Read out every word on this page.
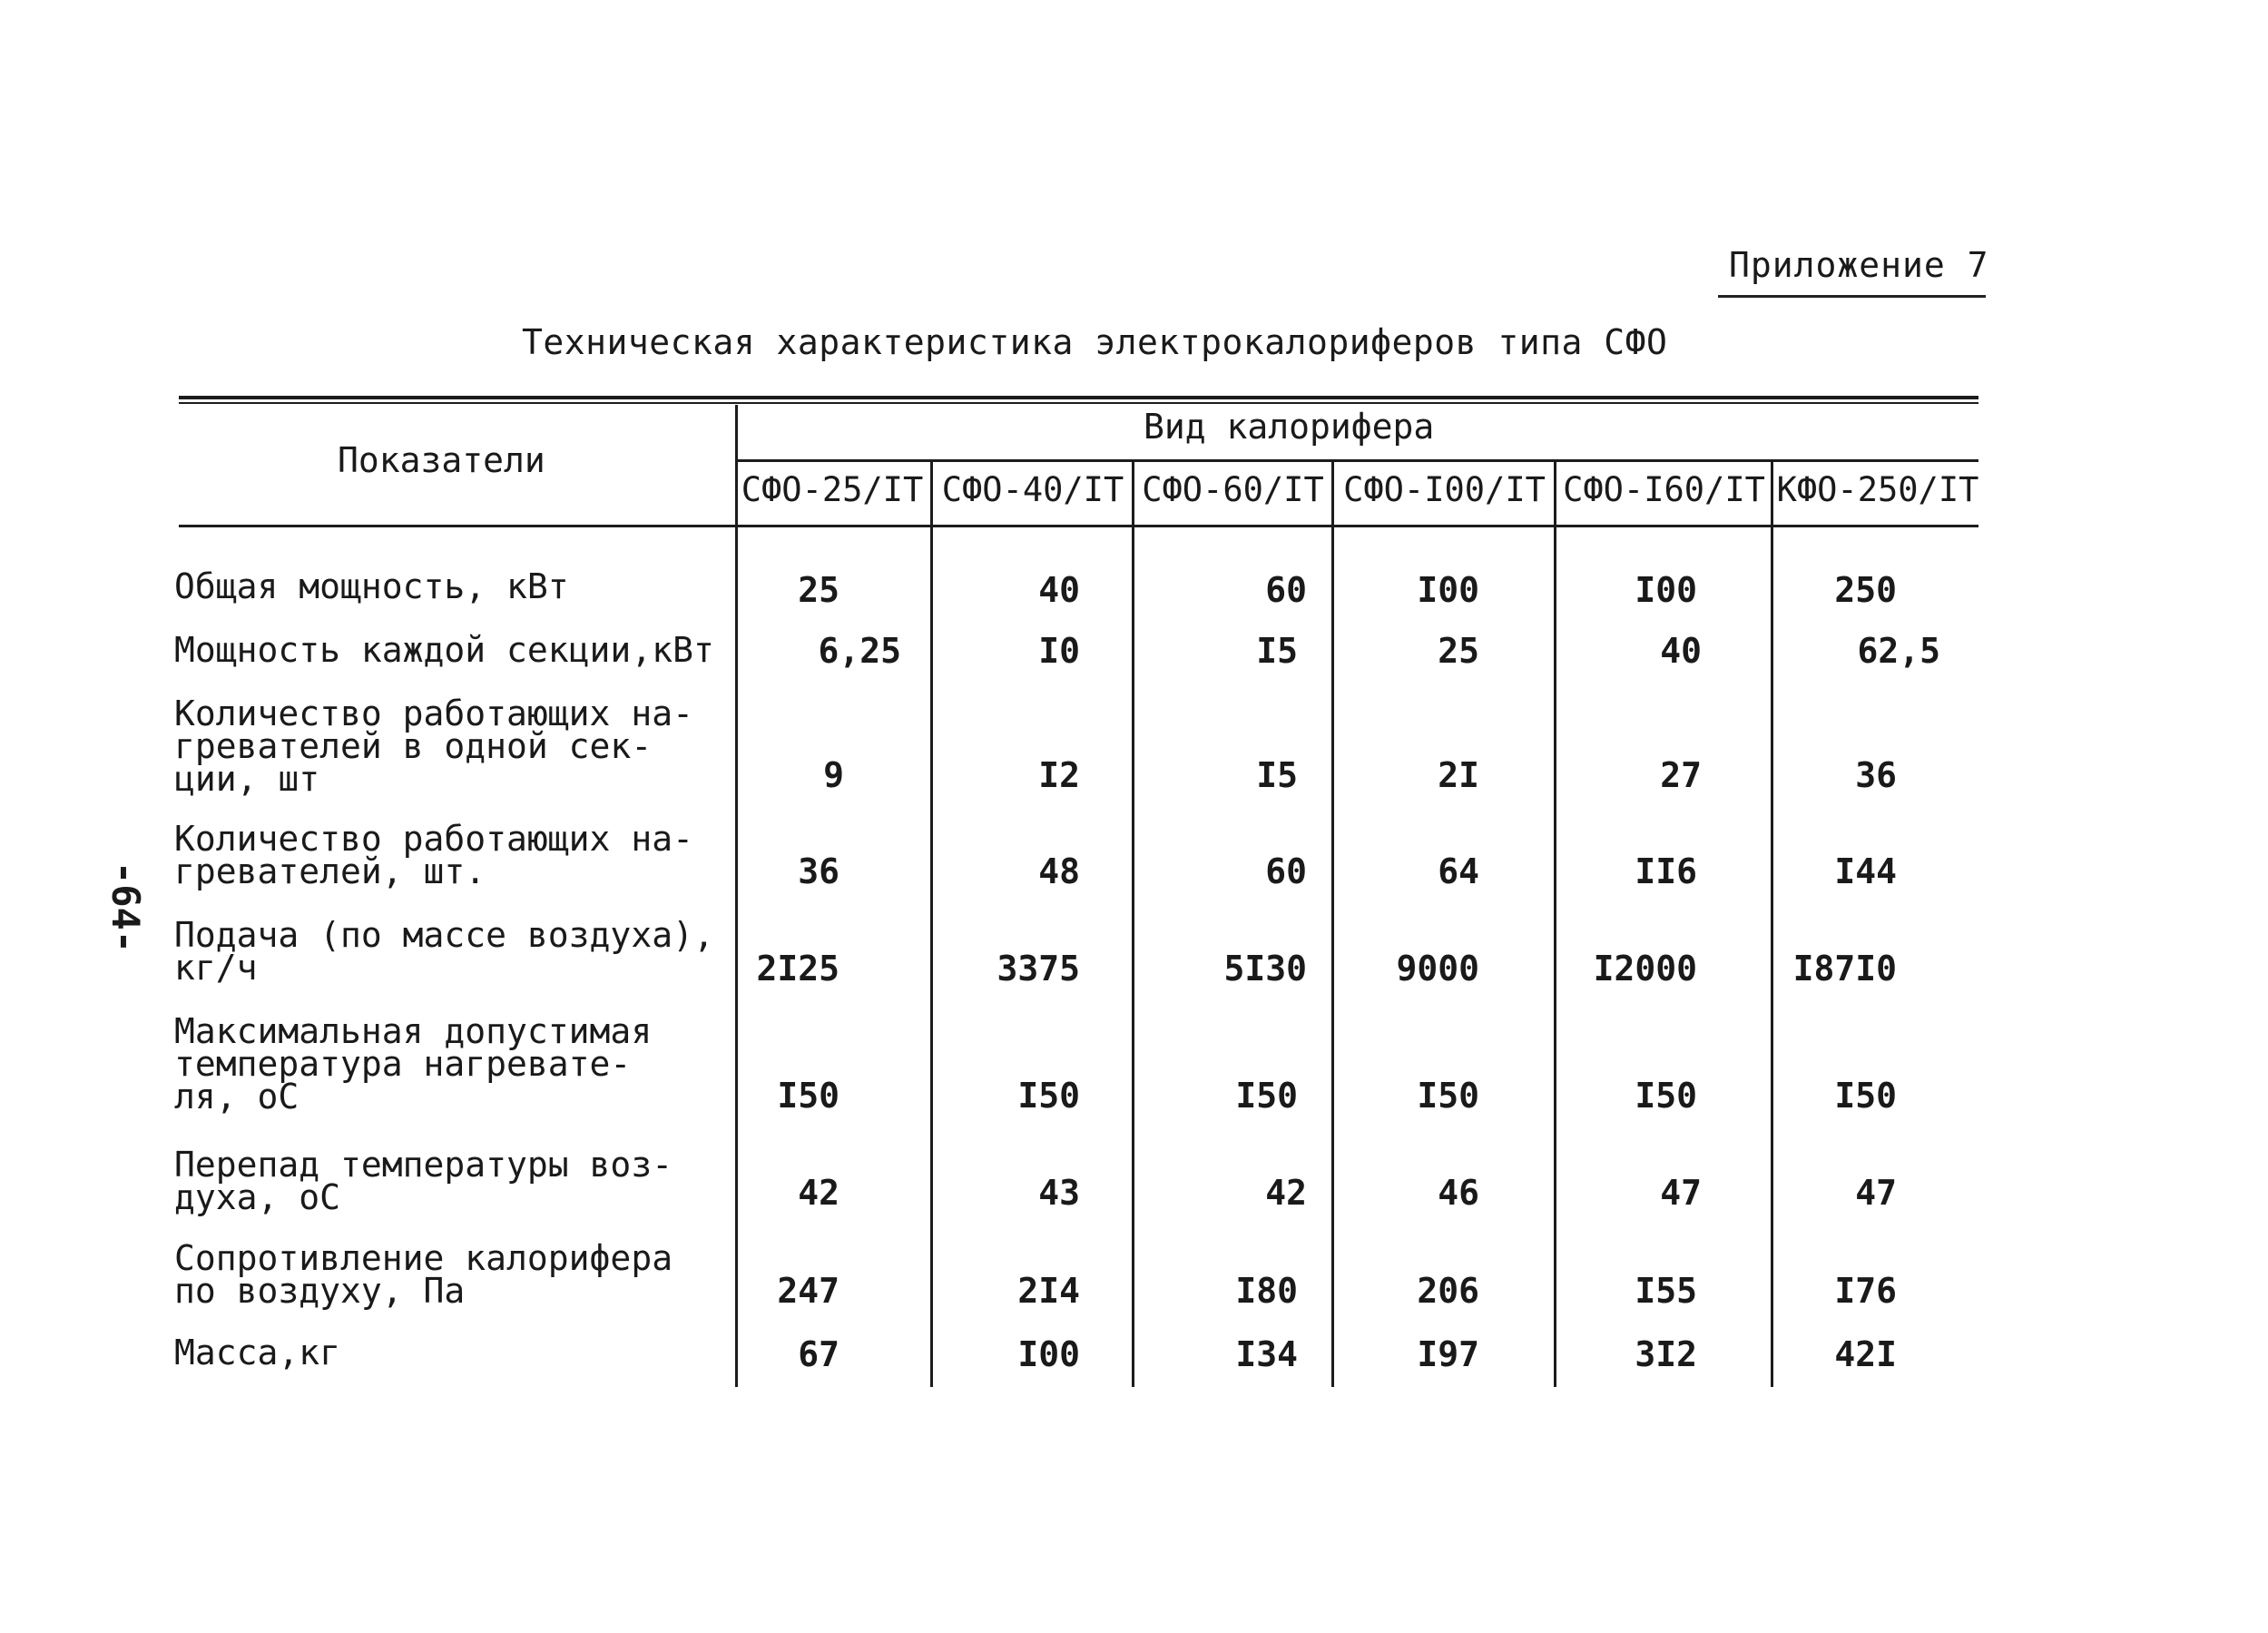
Приложение 7
Техническая характеристика электрокалориферов типа СФО
-64-
Показатели
Вид калорифера
СФО-25/IT СФО-40/IT СФО-60/IT СФО-I00/IT СФО-I60/IT КФО-250/IT
Общая мощность, кВт	25	40	60	I00	I00	250
Мощность каждой секции,кВт	6,25	I0	I5	25	40	62,5
Количество работающих на-
гревателей в одной сек-
ции, шт	9	I2	I5	2I	27	36
Количество работающих на-
гревателей, шт.	36	48	60	64	II6	I44
Подача (по массе воздуха),
кг/ч	2I25	3375	5I30	9000	I2000	I87I0
Максимальная допустимая
температура нагревате-
ля, оС	I50	I50	I50	I50	I50	I50
Перепад температуры воз-
духа, оС	42	43	42	46	47	47
Сопротивление калорифера
по воздуху, Па	247	2I4	I80	206	I55	I76
Масса,кг	67	I00	I34	I97	3I2	42I
